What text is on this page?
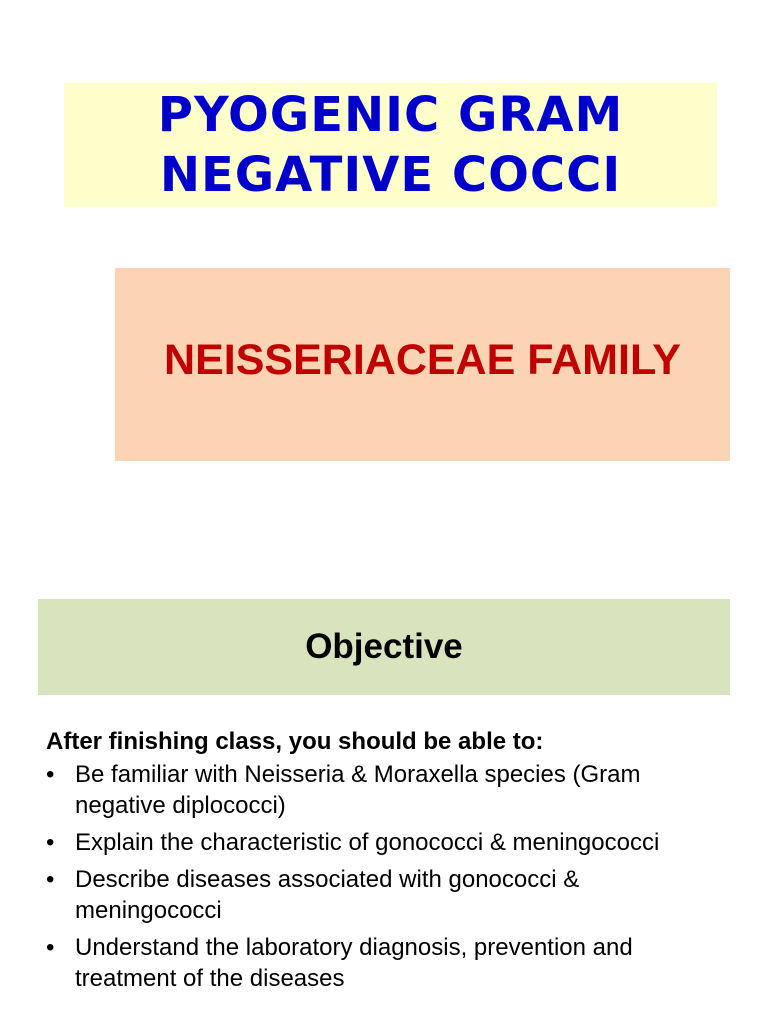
PYOGENIC GRAM
NEGATIVE COCCI
NEISSERIACEAE FAMILY
Objective
After finishing class, you should be able to:
• Be familiar with Neisseria & Moraxella species (Gram negative diplococci)
• Explain the characteristic of gonococci & meningococci
• Describe diseases associated with gonococci & meningococci
• Understand the laboratory diagnosis, prevention and treatment of the diseases
